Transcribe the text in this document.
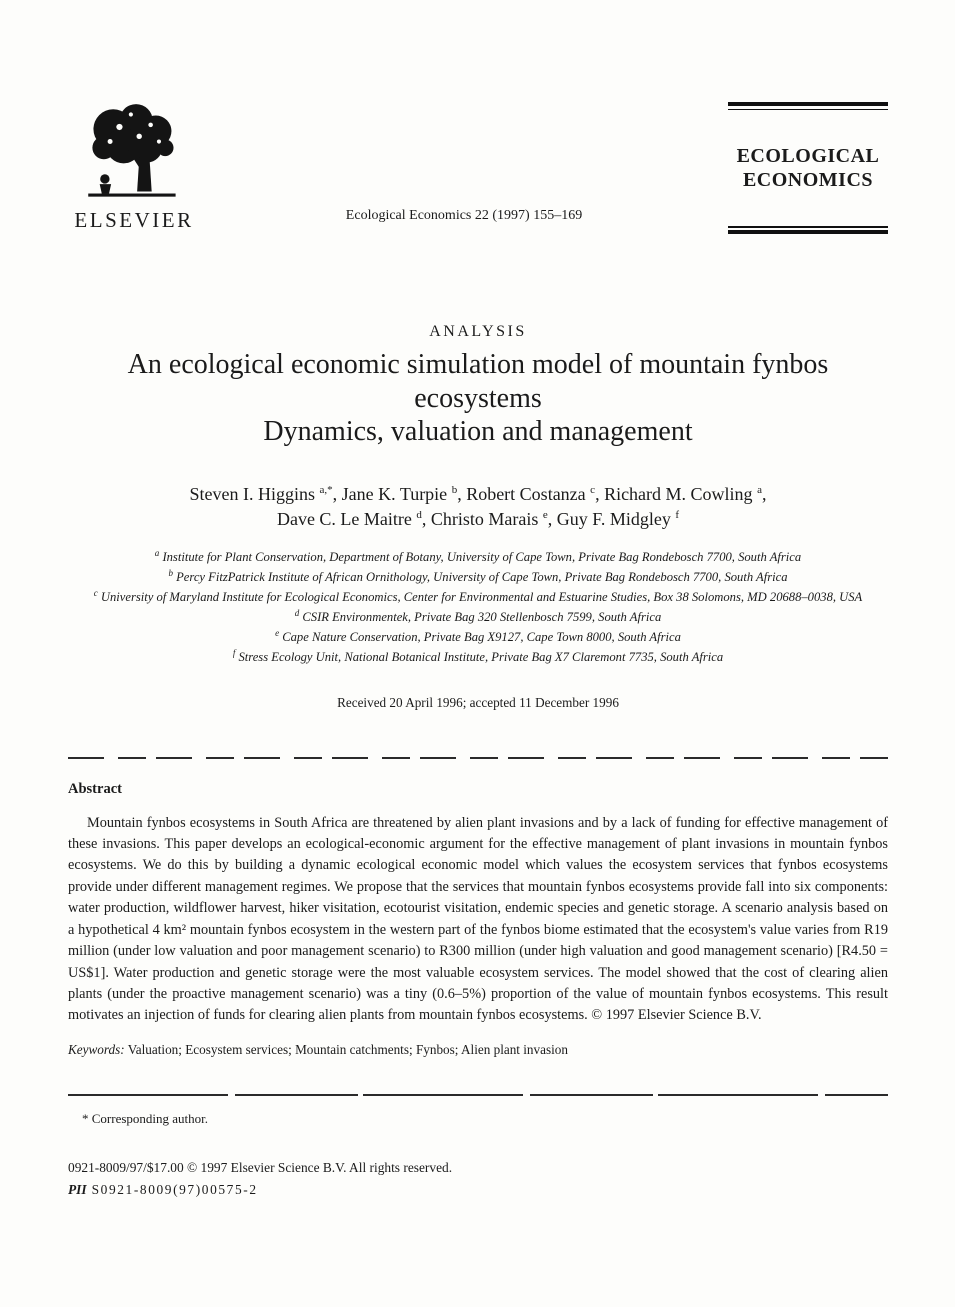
ELSEVIER	Ecological Economics 22 (1997) 155–169
ECOLOGICAL
ECONOMICS
ANALYSIS
An ecological economic simulation model of mountain fynbos
ecosystems
Dynamics, valuation and management
Steven I. Higgins $^{a,*}$, Jane K. Turpie $^b$, Robert Costanza $^c$, Richard M. Cowling $^a$,
Dave C. Le Maitre $^d$, Christo Marais $^e$, Guy F. Midgley $^f$
$^a$ Institute for Plant Conservation, Department of Botany, University of Cape Town, Private Bag Rondebosch 7700, South Africa
$^b$ Percy FitzPatrick Institute of African Ornithology, University of Cape Town, Private Bag Rondebosch 7700, South Africa
$^c$ University of Maryland Institute for Ecological Economics, Center for Environmental and Estuarine Studies, Box 38 Solomons, MD 20688–0038, USA
$^d$ CSIR Environmentek, Private Bag 320 Stellenbosch 7599, South Africa
$^e$ Cape Nature Conservation, Private Bag X9127, Cape Town 8000, South Africa
$^f$ Stress Ecology Unit, National Botanical Institute, Private Bag X7 Claremont 7735, South Africa
Received 20 April 1996; accepted 11 December 1996
Abstract

Mountain fynbos ecosystems in South Africa are threatened by alien plant invasions and by a lack of funding for effective management of these invasions. This paper develops an ecological-economic argument for the effective management of plant invasions in mountain fynbos ecosystems. We do this by building a dynamic ecological economic model which values the ecosystem services that fynbos ecosystems provide under different management regimes. We propose that the services that mountain fynbos ecosystems provide fall into six components: water production, wildflower harvest, hiker visitation, ecotourist visitation, endemic species and genetic storage. A scenario analysis based on a hypothetical 4 km² mountain fynbos ecosystem in the western part of the fynbos biome estimated that the ecosystem's value varies from R19 million (under low valuation and poor management scenario) to R300 million (under high valuation and good management scenario) [R4.50 = US$1]. Water production and genetic storage were the most valuable ecosystem services. The model showed that the cost of clearing alien plants (under the proactive management scenario) was a tiny (0.6–5%) proportion of the value of mountain fynbos ecosystems. This result motivates an injection of funds for clearing alien plants from mountain fynbos ecosystems. © 1997 Elsevier Science B.V.

Keywords: Valuation; Ecosystem services; Mountain catchments; Fynbos; Alien plant invasion
* Corresponding author.
0921-8009/97/$17.00 © 1997 Elsevier Science B.V. All rights reserved.
PII S0921-8009(97)00575-2
